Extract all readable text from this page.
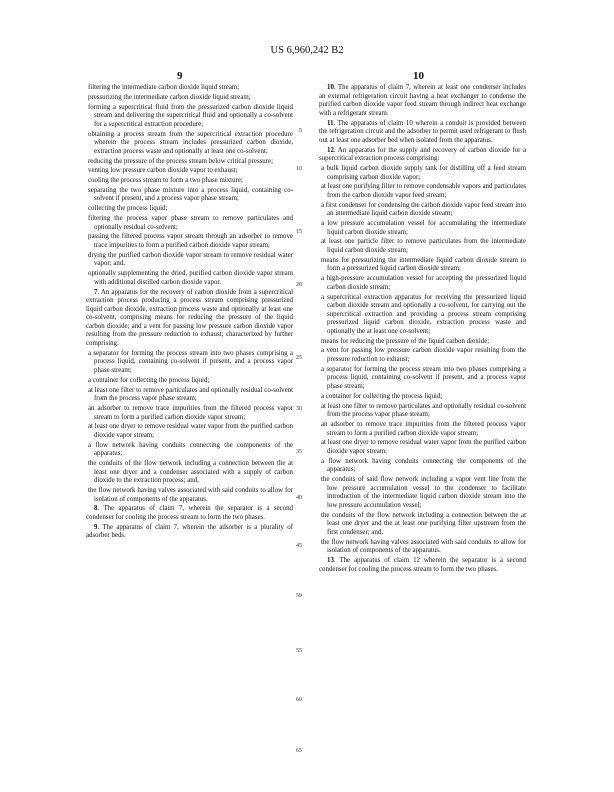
US 6,960,242 B2
9	10

filtering the intermediate carbon dioxide liquid stream;

pressurizing the intermediate carbon dioxide liquid stream;

forming a supercritical fluid from the pressurized carbon dioxide liquid stream and delivering the supercritical fluid and optionally a co-solvent for a supercritical extraction procedure;

obtaining a process stream from the supercritical extraction procedure wherein the process stream includes pressurized carbon dioxide, extraction process waste and optionally at least one co-solvent;

reducing the pressure of the process stream below critical pressure;

venting low pressure carbon dioxide vapor to exhaust;

cooling the process stream to form a two phase mixture;

separating the two phase mixture into a process liquid, containing co-solvent if present, and a process vapor phase stream;

collecting the process liquid;

filtering the process vapor phase stream to remove particulates and optionally residual co-solvent;

passing the filtered process vapor stream through an adsorber to remove trace impurities to form a purified carbon dioxide vapor stream;

drying the purified carbon dioxide vapor stream to remove residual water vapor; and,

optionally supplementing the dried, purified carbon dioxide vapor stream with additional distilled carbon dioxide vapor.

7. An apparatus for the recovery of carbon dioxide from a supercritical extraction process producing a process stream comprising pressurized liquid carbon dioxide, extraction process waste and optionally at least one co-solvent, comprising means for reducing the pressure of the liquid carbon dioxide; and a vent for passing low pressure carbon dioxide vapor resulting from the pressure reduction to exhaust; characterized by further comprising:

a separator for forming the process stream into two phases comprising a process liquid, containing co-solvent if present, and a process vapor phase stream;

a container for collecting the process liquid;

at least one filter to remove particulates and optionally residual co-solvent from the process vapor phase stream;

an adsorber to remove trace impurities from the filtered process vapor stream to form a purified carbon dioxide vapor stream;

at least one dryer to remove residual water vapor from the purified carbon dioxide vapor stream;

a flow network having conduits connecting the components of the apparatus;

the conduits of the flow network including a connection between the at least one dryer and a condenser associated with a supply of carbon dioxide to the extraction process; and,

the flow network having valves associated with said conduits to allow for isolation of components of the apparatus.

8. The apparatus of claim 7, wherein the separator is a second condenser for cooling the process stream to form the two phases.

9. The apparatus of claim 7, wherein the adsorber is a plurality of adsorber beds.

10. The apparatus of claim 7, wherein at least one condenser includes an external refrigeration circuit having a heat exchanger to condense the purified carbon dioxide vapor feed stream through indirect heat exchange with a refrigerant stream.

11. The apparatus of claim 10 wherein a conduit is provided between the refrigeration circuit and the adsorber to permit used refrigerant to flush out at least one adsorber bed when isolated from the apparatus.

12. An apparatus for the supply and recovery of carbon dioxide for a supercritical extraction process comprising:

a bulk liquid carbon dioxide supply tank for distilling off a feed stream comprising carbon dioxide vapor;

at least one purifying filter to remove condensable vapors and particulates from the carbon dioxide vapor feed stream;

a first condenser for condensing the carbon dioxide vapor feed stream into an intermediate liquid carbon dioxide stream;

a low pressure accumulation vessel for accumulating the intermediate liquid carbon dioxide stream;

at least one particle filter to remove particulates from the intermediate liquid carbon dioxide stream;

means for pressurizing the intermediate liquid carbon dioxide stream to form a pressurized liquid carbon dioxide stream;

a high-pressure accumulation vessel for accepting the pressurized liquid carbon dioxide stream;

a supercritical extraction apparatus for receiving the pressurized liquid carbon dioxide stream and optionally a co-solvent, for carrying out the supercritical extraction and providing a process stream comprising pressurized liquid carbon dioxide, extraction process waste and optionally the at least one co-solvent;

means for reducing the pressure of the liquid carbon dioxide;

a vent for passing low pressure carbon dioxide vapor resulting from the pressure reduction to exhaust;

a separator for forming the process stream into two phases comprising a process liquid, containing co-solvent if present, and a process vapor phase stream;

a container for collecting the process liquid;

at least one filter to remove particulates and optionally residual co-solvent from the process vapor phase stream;

an adsorber to remove trace impurities from the filtered process vapor stream to form a purified carbon dioxide vapor stream;

at least one dryer to remove residual water vapor from the purified carbon dioxide vapor stream;

a flow network having conduits connecting the components of the apparatus;

the conduits of said flow network including a vapor vent line from the low pressure accumulation vessel to the condenser to facilitate introduction of the intermediate liquid carbon dioxide stream into the low pressure accumulation vessel;

the conduits of the flow network including a connection between the at least one dryer and the at least one purifying filter upstream from the first condenser; and,

the flow network having valves associated with said conduits to allow for isolation of components of the apparatus.

13. The apparatus of claim 12 wherein the separator is a second condenser for cooling the process stream to form the two phases.

5
10
15
20
25
30
35
40
45
50
55
60
65
